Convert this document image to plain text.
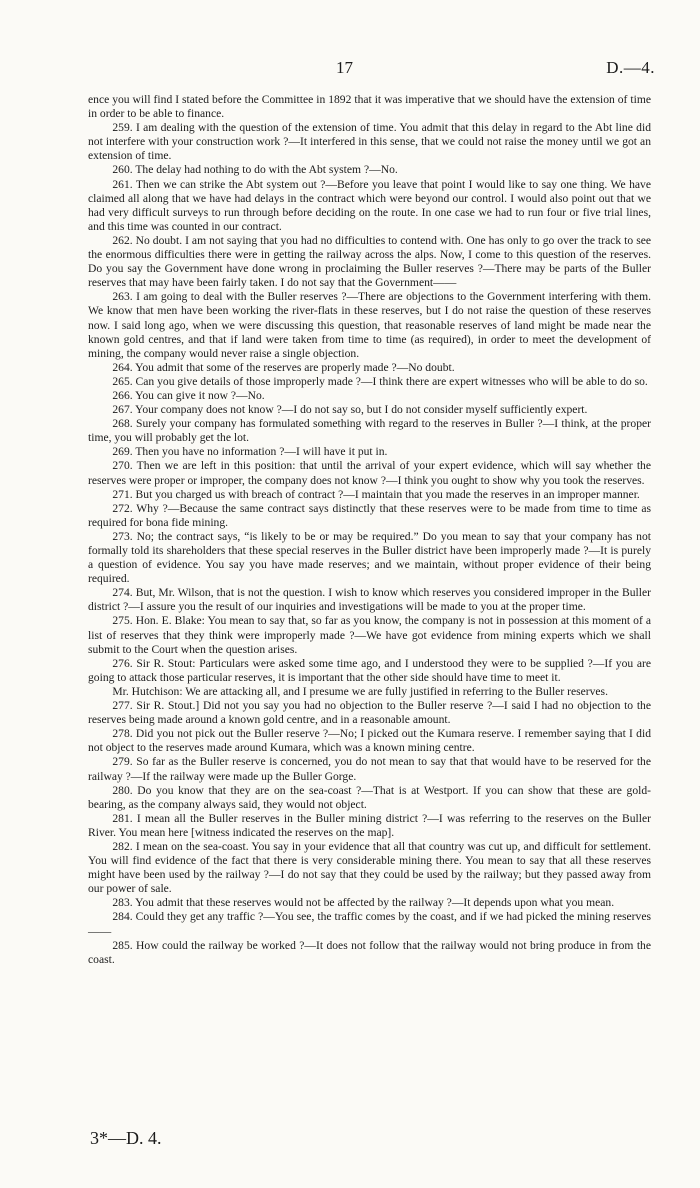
17	D.—4.

ence you will find I stated before the Committee in 1892 that it was imperative that we should have the extension of time in order to be able to finance.

259. I am dealing with the question of the extension of time. You admit that this delay in regard to the Abt line did not interfere with your construction work ?—It interfered in this sense, that we could not raise the money until we got an extension of time.

260. The delay had nothing to do with the Abt system ?—No.

261. Then we can strike the Abt system out ?—Before you leave that point I would like to say one thing. We have claimed all along that we have had delays in the contract which were beyond our control. I would also point out that we had very difficult surveys to run through before deciding on the route. In one case we had to run four or five trial lines, and this time was counted in our contract.

262. No doubt. I am not saying that you had no difficulties to contend with. One has only to go over the track to see the enormous difficulties there were in getting the railway across the alps. Now, I come to this question of the reserves. Do you say the Government have done wrong in proclaiming the Buller reserves ?—There may be parts of the Buller reserves that may have been fairly taken. I do not say that the Government——

263. I am going to deal with the Buller reserves ?—There are objections to the Government interfering with them. We know that men have been working the river-flats in these reserves, but I do not raise the question of these reserves now. I said long ago, when we were discussing this question, that reasonable reserves of land might be made near the known gold centres, and that if land were taken from time to time (as required), in order to meet the development of mining, the company would never raise a single objection.

264. You admit that some of the reserves are properly made ?—No doubt.

265. Can you give details of those improperly made ?—I think there are expert witnesses who will be able to do so.

266. You can give it now ?—No.

267. Your company does not know ?—I do not say so, but I do not consider myself sufficiently expert.

268. Surely your company has formulated something with regard to the reserves in Buller ?—I think, at the proper time, you will probably get the lot.

269. Then you have no information ?—I will have it put in.

270. Then we are left in this position: that until the arrival of your expert evidence, which will say whether the reserves were proper or improper, the company does not know ?—I think you ought to show why you took the reserves.

271. But you charged us with breach of contract ?—I maintain that you made the reserves in an improper manner.

272. Why ?—Because the same contract says distinctly that these reserves were to be made from time to time as required for bona fide mining.

273. No; the contract says, “is likely to be or may be required.” Do you mean to say that your company has not formally told its shareholders that these special reserves in the Buller district have been improperly made ?—It is purely a question of evidence. You say you have made reserves; and we maintain, without proper evidence of their being required.

274. But, Mr. Wilson, that is not the question. I wish to know which reserves you considered improper in the Buller district ?—I assure you the result of our inquiries and investigations will be made to you at the proper time.

275. Hon. E. Blake: You mean to say that, so far as you know, the company is not in possession at this moment of a list of reserves that they think were improperly made ?—We have got evidence from mining experts which we shall submit to the Court when the question arises.

276. Sir R. Stout: Particulars were asked some time ago, and I understood they were to be supplied ?—If you are going to attack those particular reserves, it is important that the other side should have time to meet it.

Mr. Hutchison: We are attacking all, and I presume we are fully justified in referring to the Buller reserves.

277. Sir R. Stout.] Did not you say you had no objection to the Buller reserve ?—I said I had no objection to the reserves being made around a known gold centre, and in a reasonable amount.

278. Did you not pick out the Buller reserve ?—No; I picked out the Kumara reserve. I remember saying that I did not object to the reserves made around Kumara, which was a known mining centre.

279. So far as the Buller reserve is concerned, you do not mean to say that that would have to be reserved for the railway ?—If the railway were made up the Buller Gorge.

280. Do you know that they are on the sea-coast ?—That is at Westport. If you can show that these are gold-bearing, as the company always said, they would not object.

281. I mean all the Buller reserves in the Buller mining district ?—I was referring to the reserves on the Buller River. You mean here [witness indicated the reserves on the map].

282. I mean on the sea-coast. You say in your evidence that all that country was cut up, and difficult for settlement. You will find evidence of the fact that there is very considerable mining there. You mean to say that all these reserves might have been used by the railway ?—I do not say that they could be used by the railway; but they passed away from our power of sale.

283. You admit that these reserves would not be affected by the railway ?—It depends upon what you mean.

284. Could they get any traffic ?—You see, the traffic comes by the coast, and if we had picked the mining reserves——

285. How could the railway be worked ?—It does not follow that the railway would not bring produce in from the coast.

3*—D. 4.
